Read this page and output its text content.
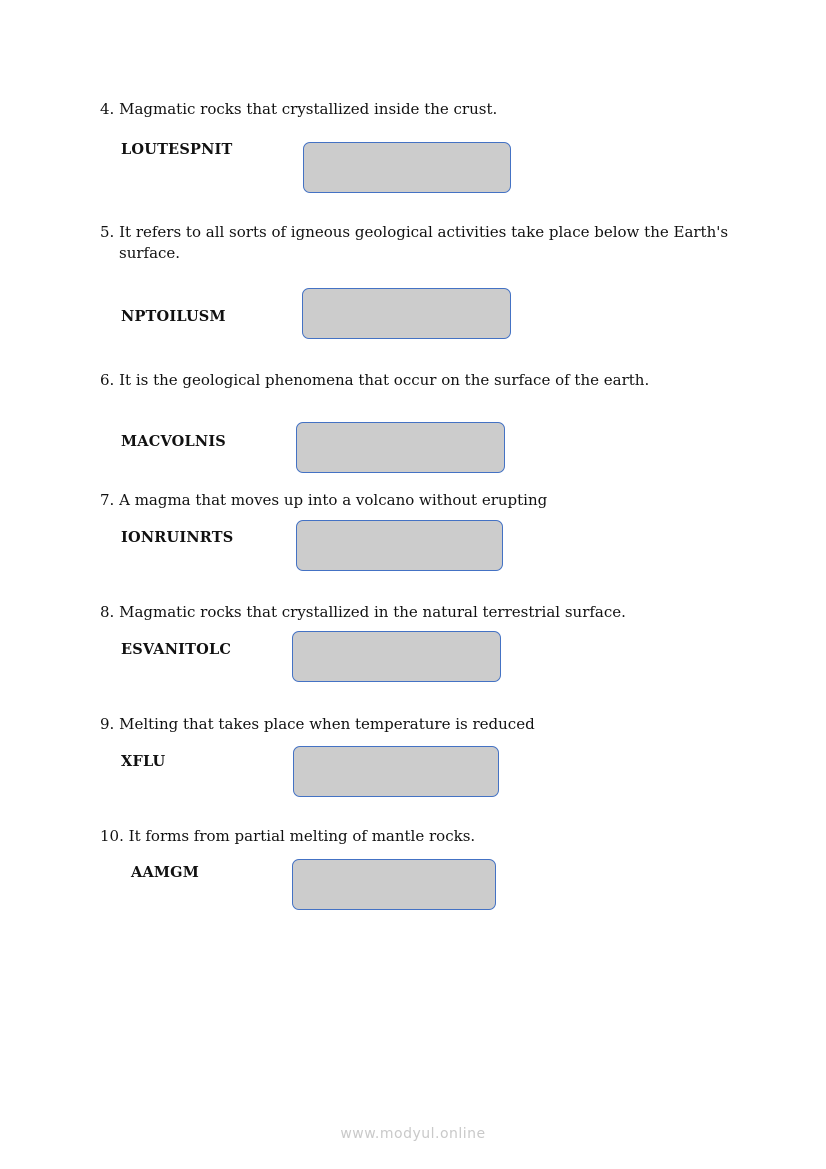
4. Magmatic rocks that crystallized inside the crust.

LOUTESPNIT

5. It refers to all sorts of igneous geological activities take place below the Earth's surface.

NPTOILUSM

6. It is the geological phenomena that occur on the surface of the earth.

MACVOLNIS

7. A magma that moves up into a volcano without erupting

IONRUINRTS

8. Magmatic rocks that crystallized in the natural terrestrial surface.

ESVANITOLC

9. Melting that takes place when temperature is reduced

XFLU

10. It forms from partial melting of mantle rocks.

AAMGM

www.modyul.online
